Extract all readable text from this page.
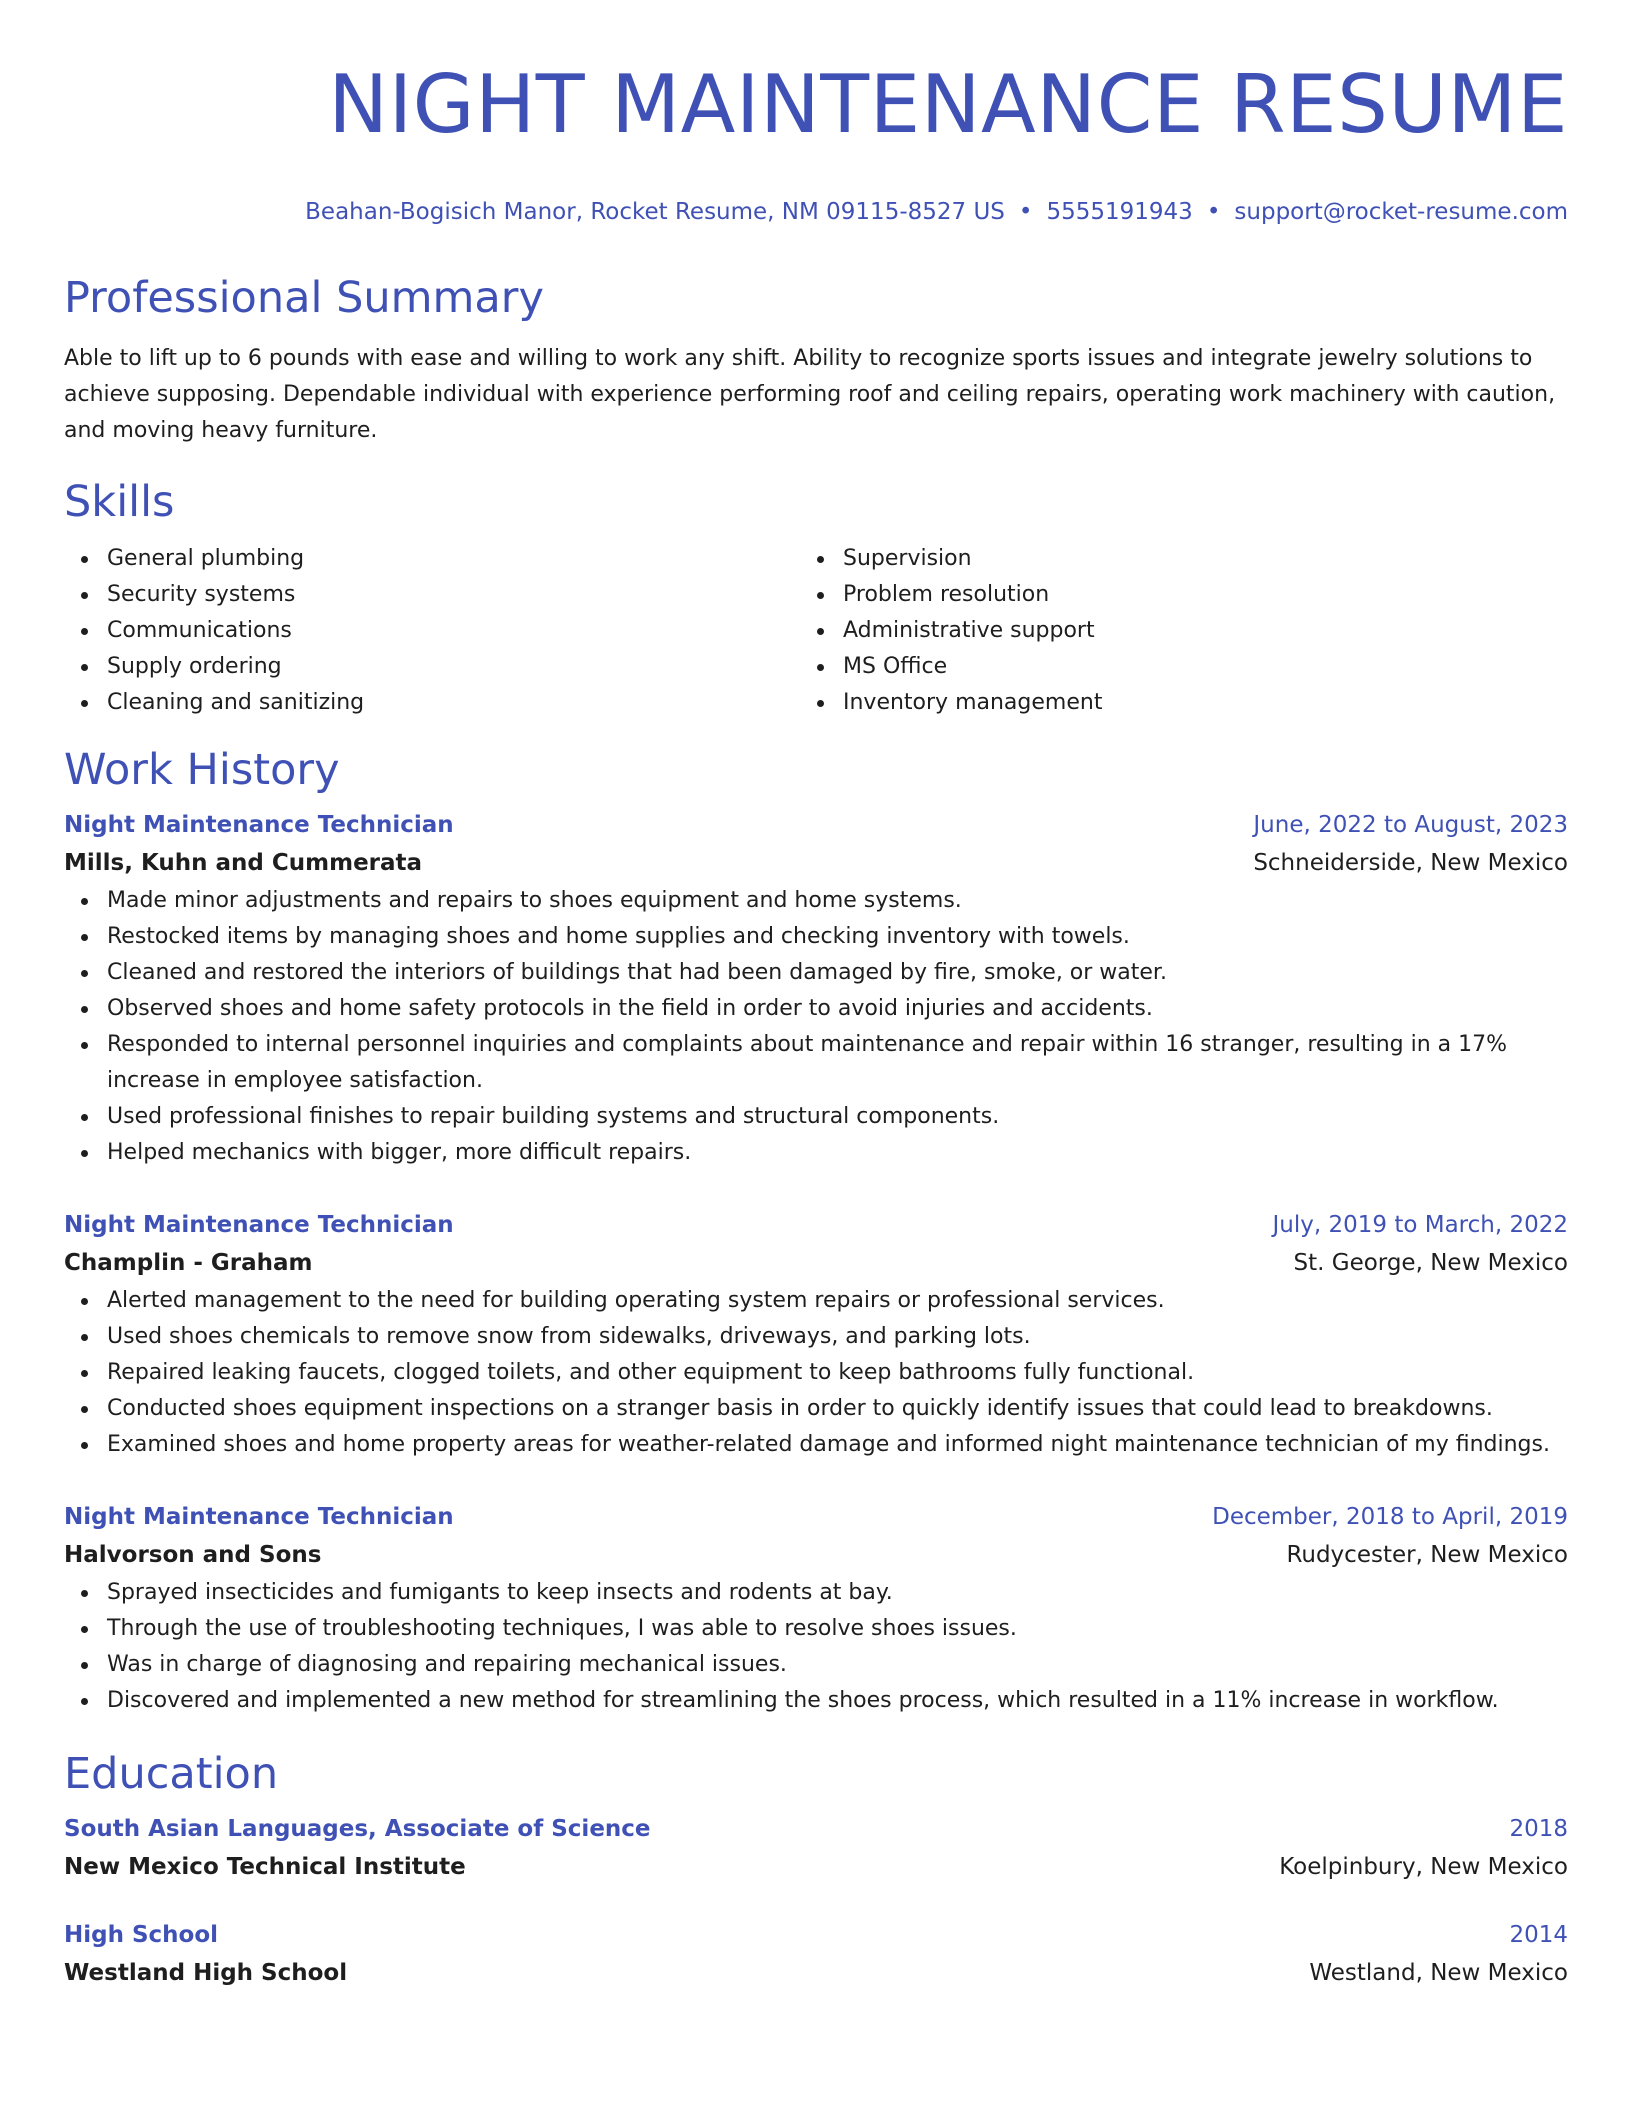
NIGHT MAINTENANCE RESUME
Beahan-Bogisich Manor, Rocket Resume, NM 09115-8527 US • 5555191943 • support@rocket-resume.com
Professional Summary

Able to lift up to 6 pounds with ease and willing to work any shift. Ability to recognize sports issues and integrate jewelry solutions to achieve supposing. Dependable individual with experience performing roof and ceiling repairs, operating work machinery with caution, and moving heavy furniture.

Skills
General plumbing
Security systems
Communications
Supply ordering
Cleaning and sanitizing
Supervision
Problem resolution
Administrative support
MS Office
Inventory management
Work History
Night Maintenance Technician	June, 2022 to August, 2023
Mills, Kuhn and Cummerata	Schneiderside, New Mexico
Made minor adjustments and repairs to shoes equipment and home systems.
Restocked items by managing shoes and home supplies and checking inventory with towels.
Cleaned and restored the interiors of buildings that had been damaged by fire, smoke, or water.
Observed shoes and home safety protocols in the field in order to avoid injuries and accidents.
Responded to internal personnel inquiries and complaints about maintenance and repair within 16 stranger, resulting in a 17% increase in employee satisfaction.
Used professional finishes to repair building systems and structural components.
Helped mechanics with bigger, more difficult repairs.
Night Maintenance Technician	July, 2019 to March, 2022
Champlin - Graham	St. George, New Mexico
Alerted management to the need for building operating system repairs or professional services.
Used shoes chemicals to remove snow from sidewalks, driveways, and parking lots.
Repaired leaking faucets, clogged toilets, and other equipment to keep bathrooms fully functional.
Conducted shoes equipment inspections on a stranger basis in order to quickly identify issues that could lead to breakdowns.
Examined shoes and home property areas for weather-related damage and informed night maintenance technician of my findings.
Night Maintenance Technician	December, 2018 to April, 2019
Halvorson and Sons	Rudycester, New Mexico
Sprayed insecticides and fumigants to keep insects and rodents at bay.
Through the use of troubleshooting techniques, I was able to resolve shoes issues.
Was in charge of diagnosing and repairing mechanical issues.
Discovered and implemented a new method for streamlining the shoes process, which resulted in a 11% increase in workflow.
Education
South Asian Languages, Associate of Science	2018
New Mexico Technical Institute	Koelpinbury, New Mexico
High School	2014
Westland High School	Westland, New Mexico
